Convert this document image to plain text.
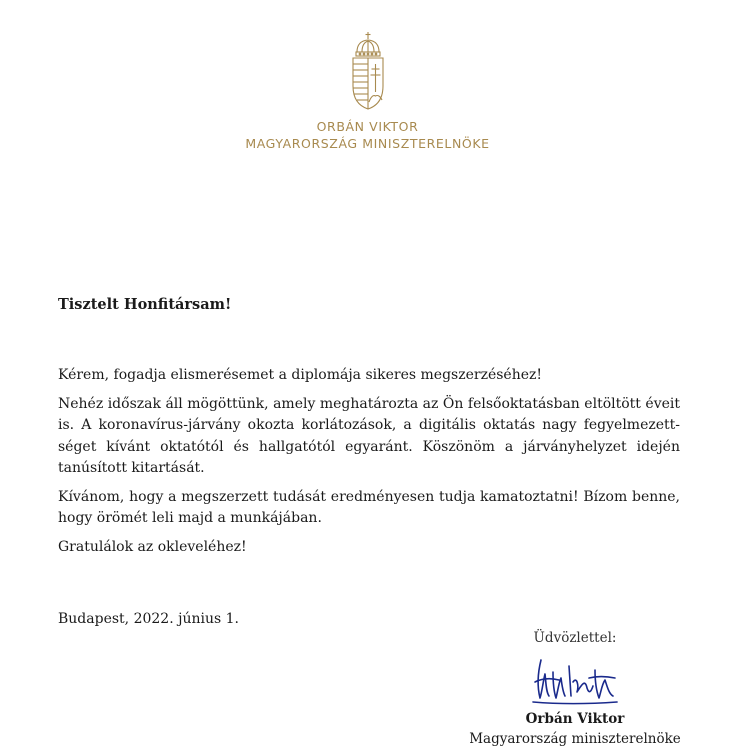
ORBÁN VIKTOR
MAGYARORSZÁG MINISZTERELNÖKE
Tisztelt Honfitársam!

Kérem, fogadja elismerésemet a diplomája sikeres megszerzéséhez!

Nehéz időszak áll mögöttünk, amely meghatározta az Ön felsőoktatásban eltöltött éveit is. A koronavírus-járvány okozta korlátozások, a digitális oktatás nagy fegyelmezettséget kívánt oktatótól és hallgatótól egyaránt. Köszönöm a járványhelyzet idején tanúsított kitartását.

Kívánom, hogy a megszerzett tudását eredményesen tudja kamatoztatni! Bízom benne, hogy örömét leli majd a munkájában.

Gratulálok az okleveléhez!

Budapest, 2022. június 1.
Üdvözlettel:
Orbán Viktor
Magyarország miniszterelnöke
